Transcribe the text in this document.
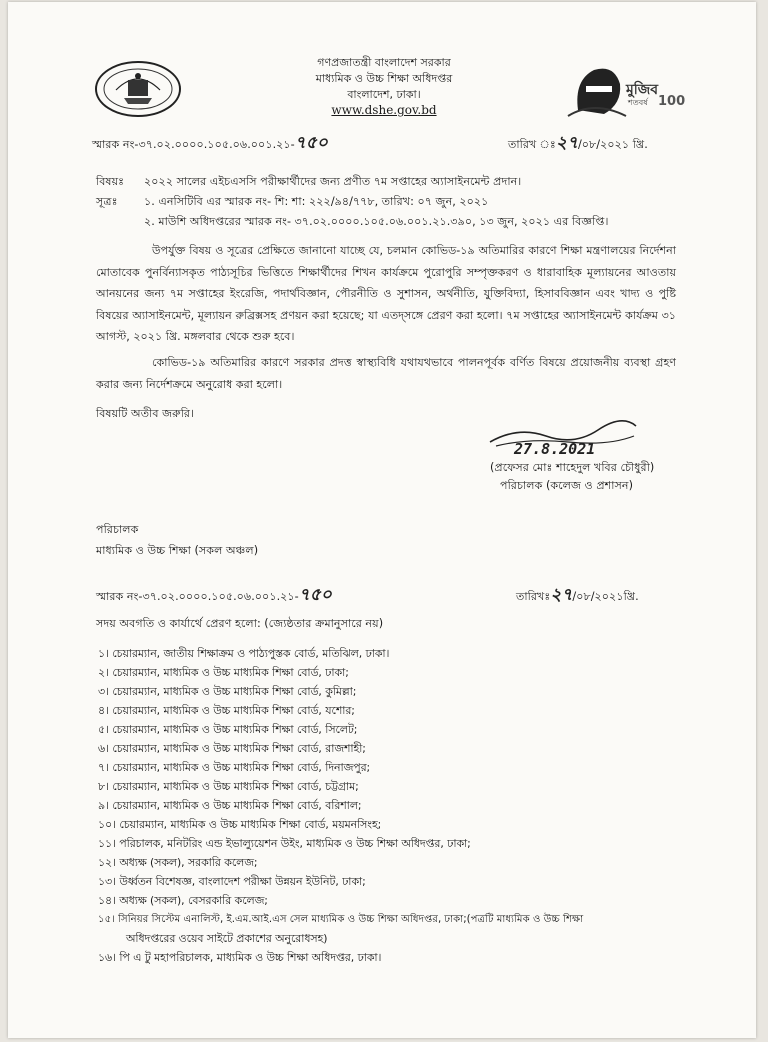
গণপ্রজাতন্ত্রী বাংলাদেশ সরকার
মাধ্যমিক ও উচ্চ শিক্ষা অধিদপ্তর
বাংলাদেশ, ঢাকা।
www.dshe.gov.bd
মুজিব
শতবর্ষ 100
স্মারক নং-৩৭.০২.০০০০.১০৫.০৬.০০১.২১-৭৫০	তারিখ ঃ২৭/০৮/২০২১ খ্রি.
বিষয়ঃ ২০২২ সালের এইচএসসি পরীক্ষার্থীদের জন্য প্রণীত ৭ম সপ্তাহের অ্যাসাইনমেন্ট প্রদান।
সূত্রঃ ১. এনসিটিবি এর স্মারক নং- শি: শা: ২২২/৯৪/৭৭৮, তারিখ: ০৭ জুন, ২০২১
২. মাউশি অধিদপ্তরের স্মারক নং- ৩৭.০২.০০০০.১০৫.০৬.০০১.২১.৩৯০, ১৩ জুন, ২০২১ এর বিজ্ঞপ্তি।
উপর্যুক্ত বিষয় ও সূত্রের প্রেক্ষিতে জানানো যাচ্ছে যে, চলমান কোভিড-১৯ অতিমারির কারণে শিক্ষা মন্ত্রণালয়ের নির্দেশনা মোতাবেক পুনর্বিন্যাসকৃত পাঠ্যসূচির ভিত্তিতে শিক্ষার্থীদের শিখন কার্যক্রমে পুরোপুরি সম্পৃক্তকরণ ও ধারাবাহিক মূল্যায়নের আওতায় আনয়নের জন্য ৭ম সপ্তাহের ইংরেজি, পদার্থবিজ্ঞান, পৌরনীতি ও সুশাসন, অর্থনীতি, যুক্তিবিদ্যা, হিসাববিজ্ঞান এবং খাদ্য ও পুষ্টি বিষয়ের অ্যাসাইনমেন্ট, মূল্যায়ন রুব্রিক্সসহ প্রণয়ন করা হয়েছে; যা এতদ্সঙ্গে প্রেরণ করা হলো। ৭ম সপ্তাহের অ্যাসাইনমেন্ট কার্যক্রম ৩১ আগস্ট, ২০২১ খ্রি. মঙ্গলবার থেকে শুরু হবে।
কোভিড-১৯ অতিমারির কারণে সরকার প্রদত্ত স্বাস্থ্যবিধি যথাযথভাবে পালনপূর্বক বর্ণিত বিষয়ে প্রয়োজনীয় ব্যবস্থা গ্রহণ করার জন্য নির্দেশক্রমে অনুরোধ করা হলো।
বিষয়টি অতীব জরুরি।
27.8.2021
(প্রফেসর মোঃ শাহেদুল খবির চৌধুরী)
পরিচালক (কলেজ ও প্রশাসন)
পরিচালক
মাধ্যমিক ও উচ্চ শিক্ষা (সকল অঞ্চল)
স্মারক নং-৩৭.০২.০০০০.১০৫.০৬.০০১.২১-৭৫০	তারিখঃ২৭/০৮/২০২১খ্রি.
সদয় অবগতি ও কার্যার্থে প্রেরণ হলো: (জ্যেষ্ঠতার ক্রমানুসারে নয়)
১। চেয়ারম্যান, জাতীয় শিক্ষাক্রম ও পাঠ্যপুস্তক বোর্ড, মতিঝিল, ঢাকা।
২। চেয়ারম্যান, মাধ্যমিক ও উচ্চ মাধ্যমিক শিক্ষা বোর্ড, ঢাকা;
৩। চেয়ারম্যান, মাধ্যমিক ও উচ্চ মাধ্যমিক শিক্ষা বোর্ড, কুমিল্লা;
৪। চেয়ারম্যান, মাধ্যমিক ও উচ্চ মাধ্যমিক শিক্ষা বোর্ড, যশোর;
৫। চেয়ারম্যান, মাধ্যমিক ও উচ্চ মাধ্যমিক শিক্ষা বোর্ড, সিলেট;
৬। চেয়ারম্যান, মাধ্যমিক ও উচ্চ মাধ্যমিক শিক্ষা বোর্ড, রাজশাহী;
৭। চেয়ারম্যান, মাধ্যমিক ও উচ্চ মাধ্যমিক শিক্ষা বোর্ড, দিনাজপুর;
৮। চেয়ারম্যান, মাধ্যমিক ও উচ্চ মাধ্যমিক শিক্ষা বোর্ড, চট্টগ্রাম;
৯। চেয়ারম্যান, মাধ্যমিক ও উচ্চ মাধ্যমিক শিক্ষা বোর্ড, বরিশাল;
১০। চেয়ারম্যান, মাধ্যমিক ও উচ্চ মাধ্যমিক শিক্ষা বোর্ড, ময়মনসিংহ;
১১। পরিচালক, মনিটরিং এন্ড ইভাল্যুয়েশন উইং, মাধ্যমিক ও উচ্চ শিক্ষা অধিদপ্তর, ঢাকা;
১২। অধ্যক্ষ (সকল), সরকারি কলেজ;
১৩। উর্ধ্বতন বিশেষজ্ঞ, বাংলাদেশ পরীক্ষা উন্নয়ন ইউনিট, ঢাকা;
১৪। অধ্যক্ষ (সকল), বেসরকারি কলেজ;
১৫। সিনিয়র সিস্টেম এনালিস্ট, ই.এম.আই.এস সেল মাধ্যমিক ও উচ্চ শিক্ষা অধিদপ্তর, ঢাকা;(পত্রটি মাধ্যমিক ও উচ্চ শিক্ষা
অধিদপ্তরের ওয়েব সাইটে প্রকাশের অনুরোধসহ)
১৬। পি এ টু মহাপরিচালক, মাধ্যমিক ও উচ্চ শিক্ষা অধিদপ্তর, ঢাকা।
